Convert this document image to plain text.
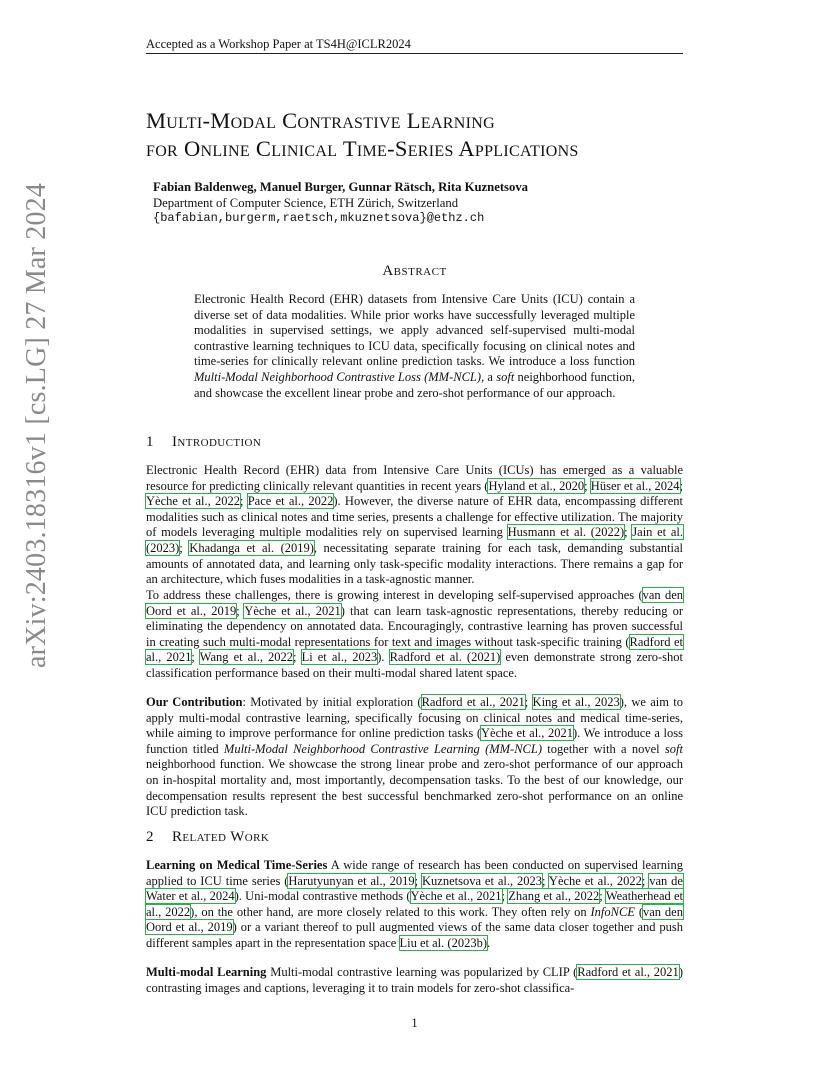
Accepted as a Workshop Paper at TS4H@ICLR2024
arXiv:2403.18316v1 [cs.LG] 27 Mar 2024
Multi-Modal Contrastive Learning
for Online Clinical Time-Series Applications
Fabian Baldenweg, Manuel Burger, Gunnar Rätsch, Rita Kuznetsova
Department of Computer Science, ETH Zürich, Switzerland
{bafabian,burgerm,raetsch,mkuznetsova}@ethz.ch
Abstract
Electronic Health Record (EHR) datasets from Intensive Care Units (ICU) contain a diverse set of data modalities. While prior works have successfully leveraged multiple modalities in supervised settings, we apply advanced self-supervised multi-modal contrastive learning techniques to ICU data, specifically focusing on clinical notes and time-series for clinically relevant online prediction tasks. We introduce a loss function Multi-Modal Neighborhood Contrastive Loss (MM-NCL), a soft neighborhood function, and showcase the excellent linear probe and zero-shot performance of our approach.
1 Introduction
Electronic Health Record (EHR) data from Intensive Care Units (ICUs) has emerged as a valuable resource for predicting clinically relevant quantities in recent years (Hyland et al., 2020; Hüser et al., 2024; Yèche et al., 2022; Pace et al., 2022). However, the diverse nature of EHR data, encompassing different modalities such as clinical notes and time series, presents a challenge for effective utilization. The majority of models leveraging multiple modalities rely on supervised learning Husmann et al. (2022); Jain et al. (2023); Khadanga et al. (2019), necessitating separate training for each task, demanding substantial amounts of annotated data, and learning only task-specific modality interactions. There remains a gap for an architecture, which fuses modalities in a task-agnostic manner.
To address these challenges, there is growing interest in developing self-supervised approaches (van den Oord et al., 2019; Yèche et al., 2021) that can learn task-agnostic representations, thereby reducing or eliminating the dependency on annotated data. Encouragingly, contrastive learning has proven successful in creating such multi-modal representations for text and images without task-specific training (Radford et al., 2021; Wang et al., 2022; Li et al., 2023). Radford et al. (2021) even demonstrate strong zero-shot classification performance based on their multi-modal shared latent space.
Our Contribution: Motivated by initial exploration (Radford et al., 2021; King et al., 2023), we aim to apply multi-modal contrastive learning, specifically focusing on clinical notes and medical time-series, while aiming to improve performance for online prediction tasks (Yèche et al., 2021). We introduce a loss function titled Multi-Modal Neighborhood Contrastive Learning (MM-NCL) together with a novel soft neighborhood function. We showcase the strong linear probe and zero-shot performance of our approach on in-hospital mortality and, most importantly, decompensation tasks. To the best of our knowledge, our decompensation results represent the best successful benchmarked zero-shot performance on an online ICU prediction task.
2 Related Work
Learning on Medical Time-Series A wide range of research has been conducted on supervised learning applied to ICU time series (Harutyunyan et al., 2019; Kuznetsova et al., 2023; Yèche et al., 2022; van de Water et al., 2024). Uni-modal contrastive methods (Yèche et al., 2021; Zhang et al., 2022; Weatherhead et al., 2022), on the other hand, are more closely related to this work. They often rely on InfoNCE (van den Oord et al., 2019) or a variant thereof to pull augmented views of the same data closer together and push different samples apart in the representation space Liu et al. (2023b).
Multi-modal Learning Multi-modal contrastive learning was popularized by CLIP (Radford et al., 2021) contrasting images and captions, leveraging it to train models for zero-shot classifica-
1
